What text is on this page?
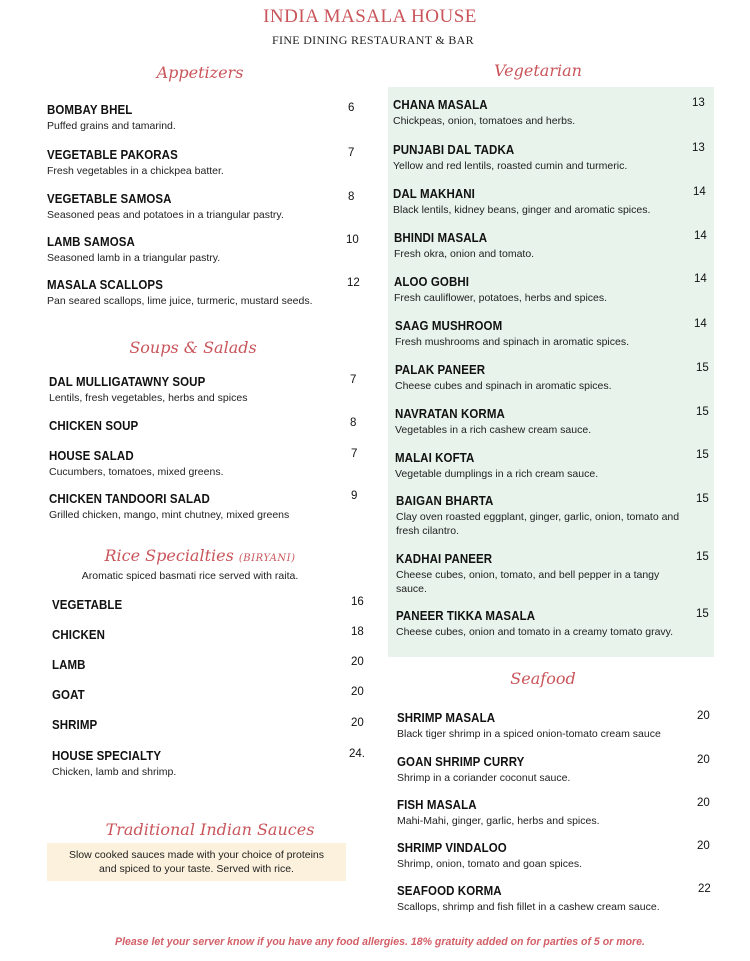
INDIA MASALA HOUSE
FINE DINING RESTAURANT & BAR
Appetizers
BOMBAY BHEL
Puffed grains and tamarind.
6
VEGETABLE PAKORAS
Fresh vegetables in a chickpea batter.
7
VEGETABLE SAMOSA
Seasoned peas and potatoes in a triangular pastry.
8
LAMB SAMOSA
Seasoned lamb in a triangular pastry.
10
MASALA SCALLOPS
Pan seared scallops, lime juice, turmeric, mustard seeds.
12
Soups & Salads
DAL MULLIGATAWNY SOUP
Lentils, fresh vegetables, herbs and spices
7
CHICKEN SOUP	8
HOUSE SALAD
Cucumbers, tomatoes, mixed greens.
7
CHICKEN TANDOORI SALAD
Grilled chicken, mango, mint chutney, mixed greens
9
Rice Specialties (BIRYANI)
Aromatic spiced basmati rice served with raita.
VEGETABLE	16
CHICKEN	18
LAMB	20
GOAT	20
SHRIMP	20
HOUSE SPECIALTY
Chicken, lamb and shrimp.
24.
Traditional Indian Sauces
Slow cooked sauces made with your choice of proteins
and spiced to your taste. Served with rice.
Vegetarian
CHANA MASALA
Chickpeas, onion, tomatoes and herbs.
13
PUNJABI DAL TADKA
Yellow and red lentils, roasted cumin and turmeric.
13
DAL MAKHANI
Black lentils, kidney beans, ginger and aromatic spices.
14
BHINDI MASALA
Fresh okra, onion and tomato.
14
ALOO GOBHI
Fresh cauliflower, potatoes, herbs and spices.
14
SAAG MUSHROOM
Fresh mushrooms and spinach in aromatic spices.
14
PALAK PANEER
Cheese cubes and spinach in aromatic spices.
15
NAVRATAN KORMA
Vegetables in a rich cashew cream sauce.
15
MALAI KOFTA
Vegetable dumplings in a rich cream sauce.
15
BAIGAN BHARTA
Clay oven roasted eggplant, ginger, garlic, onion, tomato and fresh cilantro.
15
KADHAI PANEER
Cheese cubes, onion, tomato, and bell pepper in a tangy sauce.
15
PANEER TIKKA MASALA
Cheese cubes, onion and tomato in a creamy tomato gravy.
15
Seafood
SHRIMP MASALA
Black tiger shrimp in a spiced onion-tomato cream sauce
20
GOAN SHRIMP CURRY
Shrimp in a coriander coconut sauce.
20
FISH MASALA
Mahi-Mahi, ginger, garlic, herbs and spices.
20
SHRIMP VINDALOO
Shrimp, onion, tomato and goan spices.
20
SEAFOOD KORMA
Scallops, shrimp and fish fillet in a cashew cream sauce.
22
Please let your server know if you have any food allergies. 18% gratuity added on for parties of 5 or more.
